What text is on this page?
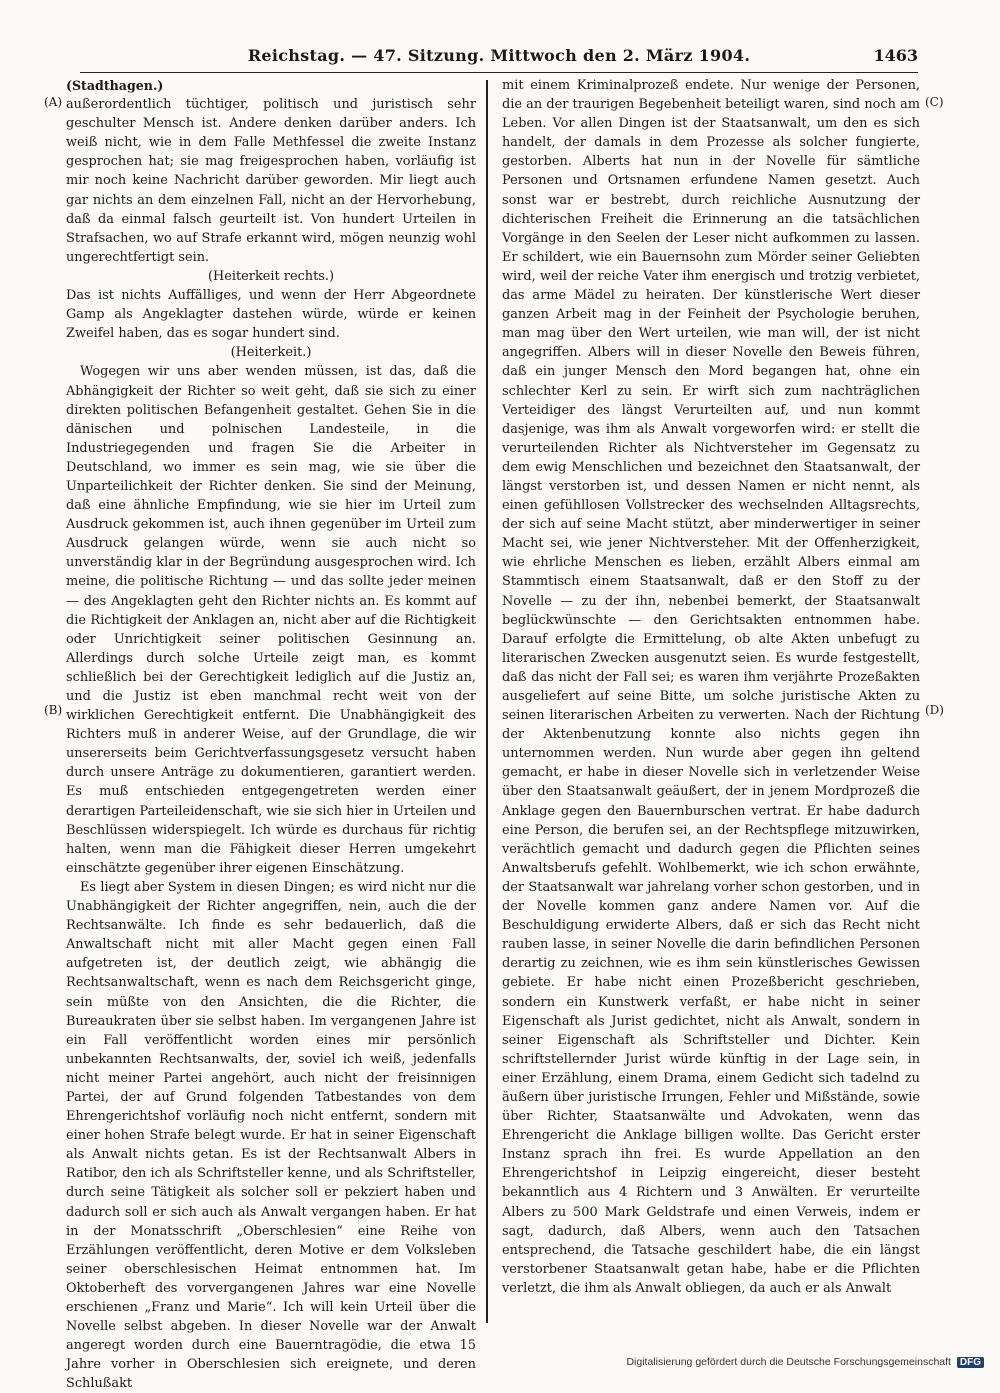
Reichstag. — 47. Sitzung. Mittwoch den 2. März 1904.	1463
(A)
(B)
(C)
(D)
(Stadthagen.)

außerordentlich tüchtiger, politisch und juristisch sehr geschulter Mensch ist. Andere denken darüber anders. Ich weiß nicht, wie in dem Falle Methfessel die zweite Instanz gesprochen hat; sie mag freigesprochen haben, vorläufig ist mir noch keine Nachricht darüber geworden. Mir liegt auch gar nichts an dem einzelnen Fall, nicht an der Hervorhebung, daß da einmal falsch geurteilt ist. Von hundert Urteilen in Strafsachen, wo auf Strafe erkannt wird, mögen neunzig wohl ungerechtfertigt sein.

(Heiterkeit rechts.)

Das ist nichts Auffälliges, und wenn der Herr Abgeordnete Gamp als Angeklagter dastehen würde, würde er keinen Zweifel haben, das es sogar hundert sind.

(Heiterkeit.)

Wogegen wir uns aber wenden müssen, ist das, daß die Abhängigkeit der Richter so weit geht, daß sie sich zu einer direkten politischen Befangenheit gestaltet. Gehen Sie in die dänischen und polnischen Landesteile, in die Industriegegenden und fragen Sie die Arbeiter in Deutschland, wo immer es sein mag, wie sie über die Unparteilichkeit der Richter denken. Sie sind der Meinung, daß eine ähnliche Empfindung, wie sie hier im Urteil zum Ausdruck gekommen ist, auch ihnen gegenüber im Urteil zum Ausdruck gelangen würde, wenn sie auch nicht so unverständig klar in der Begründung ausgesprochen wird. Ich meine, die politische Richtung — und das sollte jeder meinen — des Angeklagten geht den Richter nichts an. Es kommt auf die Richtigkeit der Anklagen an, nicht aber auf die Richtigkeit oder Unrichtigkeit seiner politischen Gesinnung an. Allerdings durch solche Urteile zeigt man, es kommt schließlich bei der Gerechtigkeit lediglich auf die Justiz an, und die Justiz ist eben manchmal recht weit von der wirklichen Gerechtigkeit entfernt. Die Unabhängigkeit des Richters muß in anderer Weise, auf der Grundlage, die wir unsererseits beim Gerichtverfassungsgesetz versucht haben durch unsere Anträge zu dokumentieren, garantiert werden. Es muß entschieden entgegengetreten werden einer derartigen Parteileidenschaft, wie sie sich hier in Urteilen und Beschlüssen widerspiegelt. Ich würde es durchaus für richtig halten, wenn man die Fähigkeit dieser Herren umgekehrt einschätzte gegenüber ihrer eigenen Einschätzung.

Es liegt aber System in diesen Dingen; es wird nicht nur die Unabhängigkeit der Richter angegriffen, nein, auch die der Rechtsanwälte. Ich finde es sehr bedauerlich, daß die Anwaltschaft nicht mit aller Macht gegen einen Fall aufgetreten ist, der deutlich zeigt, wie abhängig die Rechtsanwaltschaft, wenn es nach dem Reichsgericht ginge, sein müßte von den Ansichten, die die Richter, die Bureaukraten über sie selbst haben. Im vergangenen Jahre ist ein Fall veröffentlicht worden eines mir persönlich unbekannten Rechtsanwalts, der, soviel ich weiß, jedenfalls nicht meiner Partei angehört, auch nicht der freisinnigen Partei, der auf Grund folgenden Tatbestandes von dem Ehrengerichtshof vorläufig noch nicht entfernt, sondern mit einer hohen Strafe belegt wurde. Er hat in seiner Eigenschaft als Anwalt nichts getan. Es ist der Rechtsanwalt Albers in Ratibor, den ich als Schriftsteller kenne, und als Schriftsteller, durch seine Tätigkeit als solcher soll er pekziert haben und dadurch soll er sich auch als Anwalt vergangen haben. Er hat in der Monatsschrift „Oberschlesien“ eine Reihe von Erzählungen veröffentlicht, deren Motive er dem Volksleben seiner oberschlesischen Heimat entnommen hat. Im Oktoberheft des vorvergangenen Jahres war eine Novelle erschienen „Franz und Marie“. Ich will kein Urteil über die Novelle selbst abgeben. In dieser Novelle war der Anwalt angeregt worden durch eine Bauerntragödie, die etwa 15 Jahre vorher in Oberschlesien sich ereignete, und deren Schlußakt

mit einem Kriminalprozeß endete. Nur wenige der Personen, die an der traurigen Begebenheit beteiligt waren, sind noch am Leben. Vor allen Dingen ist der Staatsanwalt, um den es sich handelt, der damals in dem Prozesse als solcher fungierte, gestorben. Alberts hat nun in der Novelle für sämtliche Personen und Ortsnamen erfundene Namen gesetzt. Auch sonst war er bestrebt, durch reichliche Ausnutzung der dichterischen Freiheit die Erinnerung an die tatsächlichen Vorgänge in den Seelen der Leser nicht aufkommen zu lassen. Er schildert, wie ein Bauernsohn zum Mörder seiner Geliebten wird, weil der reiche Vater ihm energisch und trotzig verbietet, das arme Mädel zu heiraten. Der künstlerische Wert dieser ganzen Arbeit mag in der Feinheit der Psychologie beruhen, man mag über den Wert urteilen, wie man will, der ist nicht angegriffen. Albers will in dieser Novelle den Beweis führen, daß ein junger Mensch den Mord begangen hat, ohne ein schlechter Kerl zu sein. Er wirft sich zum nachträglichen Verteidiger des längst Verurteilten auf, und nun kommt dasjenige, was ihm als Anwalt vorgeworfen wird: er stellt die verurteilenden Richter als Nichtversteher im Gegensatz zu dem ewig Menschlichen und bezeichnet den Staatsanwalt, der längst verstorben ist, und dessen Namen er nicht nennt, als einen gefühllosen Vollstrecker des wechselnden Alltagsrechts, der sich auf seine Macht stützt, aber minderwertiger in seiner Macht sei, wie jener Nichtversteher. Mit der Offenherzigkeit, wie ehrliche Menschen es lieben, erzählt Albers einmal am Stammtisch einem Staatsanwalt, daß er den Stoff zu der Novelle — zu der ihn, nebenbei bemerkt, der Staatsanwalt beglückwünschte — den Gerichtsakten entnommen habe. Darauf erfolgte die Ermittelung, ob alte Akten unbefugt zu literarischen Zwecken ausgenutzt seien. Es wurde festgestellt, daß das nicht der Fall sei; es waren ihm verjährte Prozeßakten ausgeliefert auf seine Bitte, um solche juristische Akten zu seinen literarischen Arbeiten zu verwerten. Nach der Richtung der Aktenbenutzung konnte also nichts gegen ihn unternommen werden. Nun wurde aber gegen ihn geltend gemacht, er habe in dieser Novelle sich in verletzender Weise über den Staatsanwalt geäußert, der in jenem Mordprozeß die Anklage gegen den Bauernburschen vertrat. Er habe dadurch eine Person, die berufen sei, an der Rechtspflege mitzuwirken, verächtlich gemacht und dadurch gegen die Pflichten seines Anwaltsberufs gefehlt. Wohlbemerkt, wie ich schon erwähnte, der Staatsanwalt war jahrelang vorher schon gestorben, und in der Novelle kommen ganz andere Namen vor. Auf die Beschuldigung erwiderte Albers, daß er sich das Recht nicht rauben lasse, in seiner Novelle die darin befindlichen Personen derartig zu zeichnen, wie es ihm sein künstlerisches Gewissen gebiete. Er habe nicht einen Prozeßbericht geschrieben, sondern ein Kunstwerk verfaßt, er habe nicht in seiner Eigenschaft als Jurist gedichtet, nicht als Anwalt, sondern in seiner Eigenschaft als Schriftsteller und Dichter. Kein schriftstellernder Jurist würde künftig in der Lage sein, in einer Erzählung, einem Drama, einem Gedicht sich tadelnd zu äußern über juristische Irrungen, Fehler und Mißstände, sowie über Richter, Staatsanwälte und Advokaten, wenn das Ehrengericht die Anklage billigen wollte. Das Gericht erster Instanz sprach ihn frei. Es wurde Appellation an den Ehrengerichtshof in Leipzig eingereicht, dieser besteht bekanntlich aus 4 Richtern und 3 Anwälten. Er verurteilte Albers zu 500 Mark Geldstrafe und einen Verweis, indem er sagt, dadurch, daß Albers, wenn auch den Tatsachen entsprechend, die Tatsache geschildert habe, die ein längst verstorbener Staatsanwalt getan habe, habe er die Pflichten verletzt, die ihm als Anwalt obliegen, da auch er als Anwalt

Digitalisierung gefördert durch die Deutsche Forschungsgemeinschaft DFG
